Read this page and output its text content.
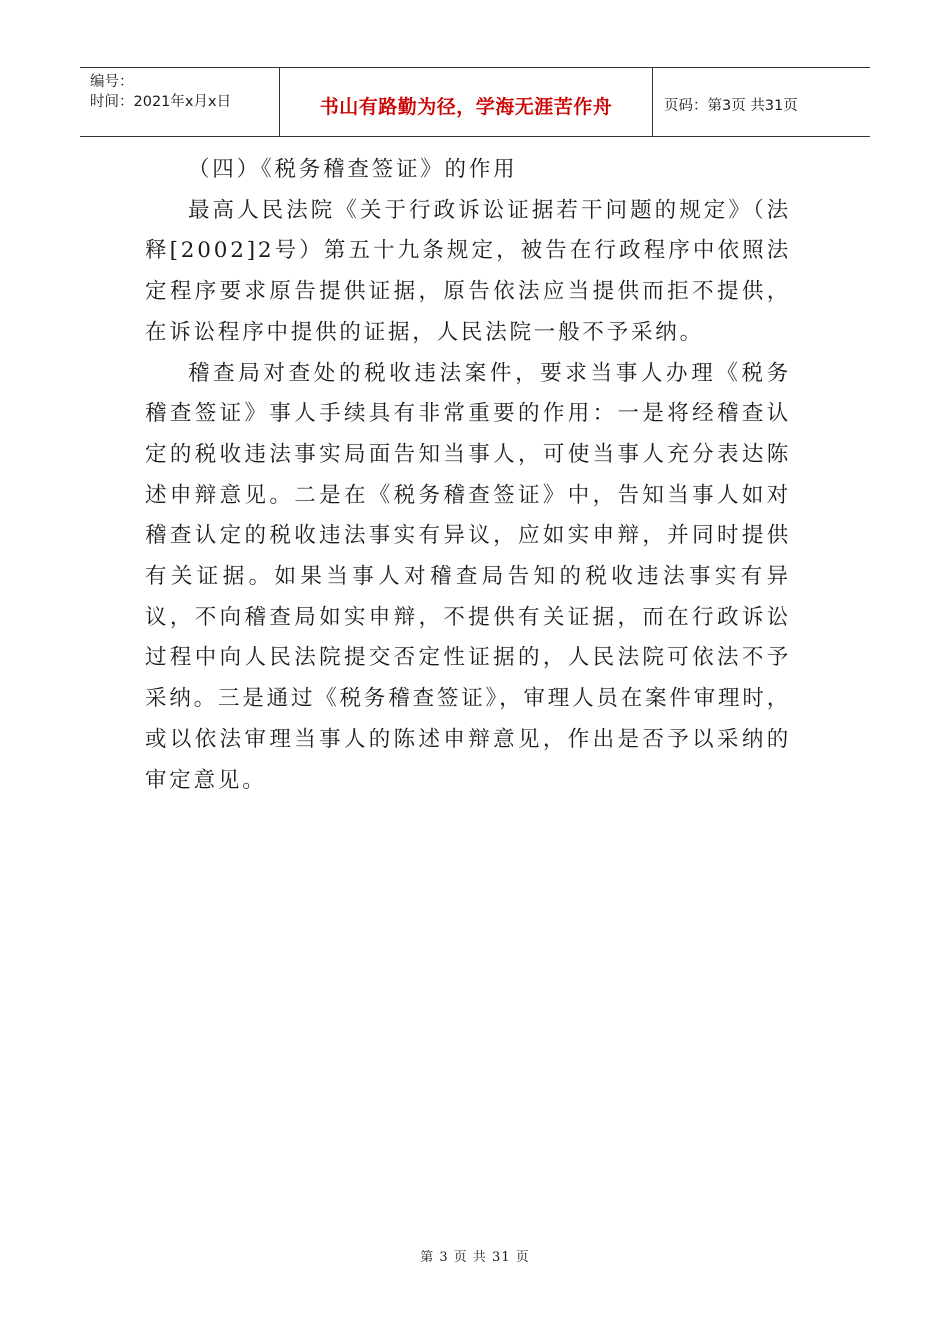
编号：
时间：2021年x月x日	书山有路勤为径，学海无涯苦作舟	页码：第3页 共31页

（四）《税务稽查签证》的作用

最高人民法院《关于行政诉讼证据若干问题的规定》（法释[2002]2号）第五十九条规定，被告在行政程序中依照法定程序要求原告提供证据，原告依法应当提供而拒不提供，在诉讼程序中提供的证据，人民法院一般不予采纳。

稽查局对查处的税收违法案件，要求当事人办理《税务稽查签证》事人手续具有非常重要的作用：一是将经稽查认定的税收违法事实局面告知当事人，可使当事人充分表达陈述申辩意见。二是在《税务稽查签证》中，告知当事人如对稽查认定的税收违法事实有异议，应如实申辩，并同时提供有关证据。如果当事人对稽查局告知的税收违法事实有异议，不向稽查局如实申辩，不提供有关证据，而在行政诉讼过程中向人民法院提交否定性证据的，人民法院可依法不予采纳。三是通过《税务稽查签证》，审理人员在案件审理时，或以依法审理当事人的陈述申辩意见，作出是否予以采纳的审定意见。

第 3 页 共 31 页
